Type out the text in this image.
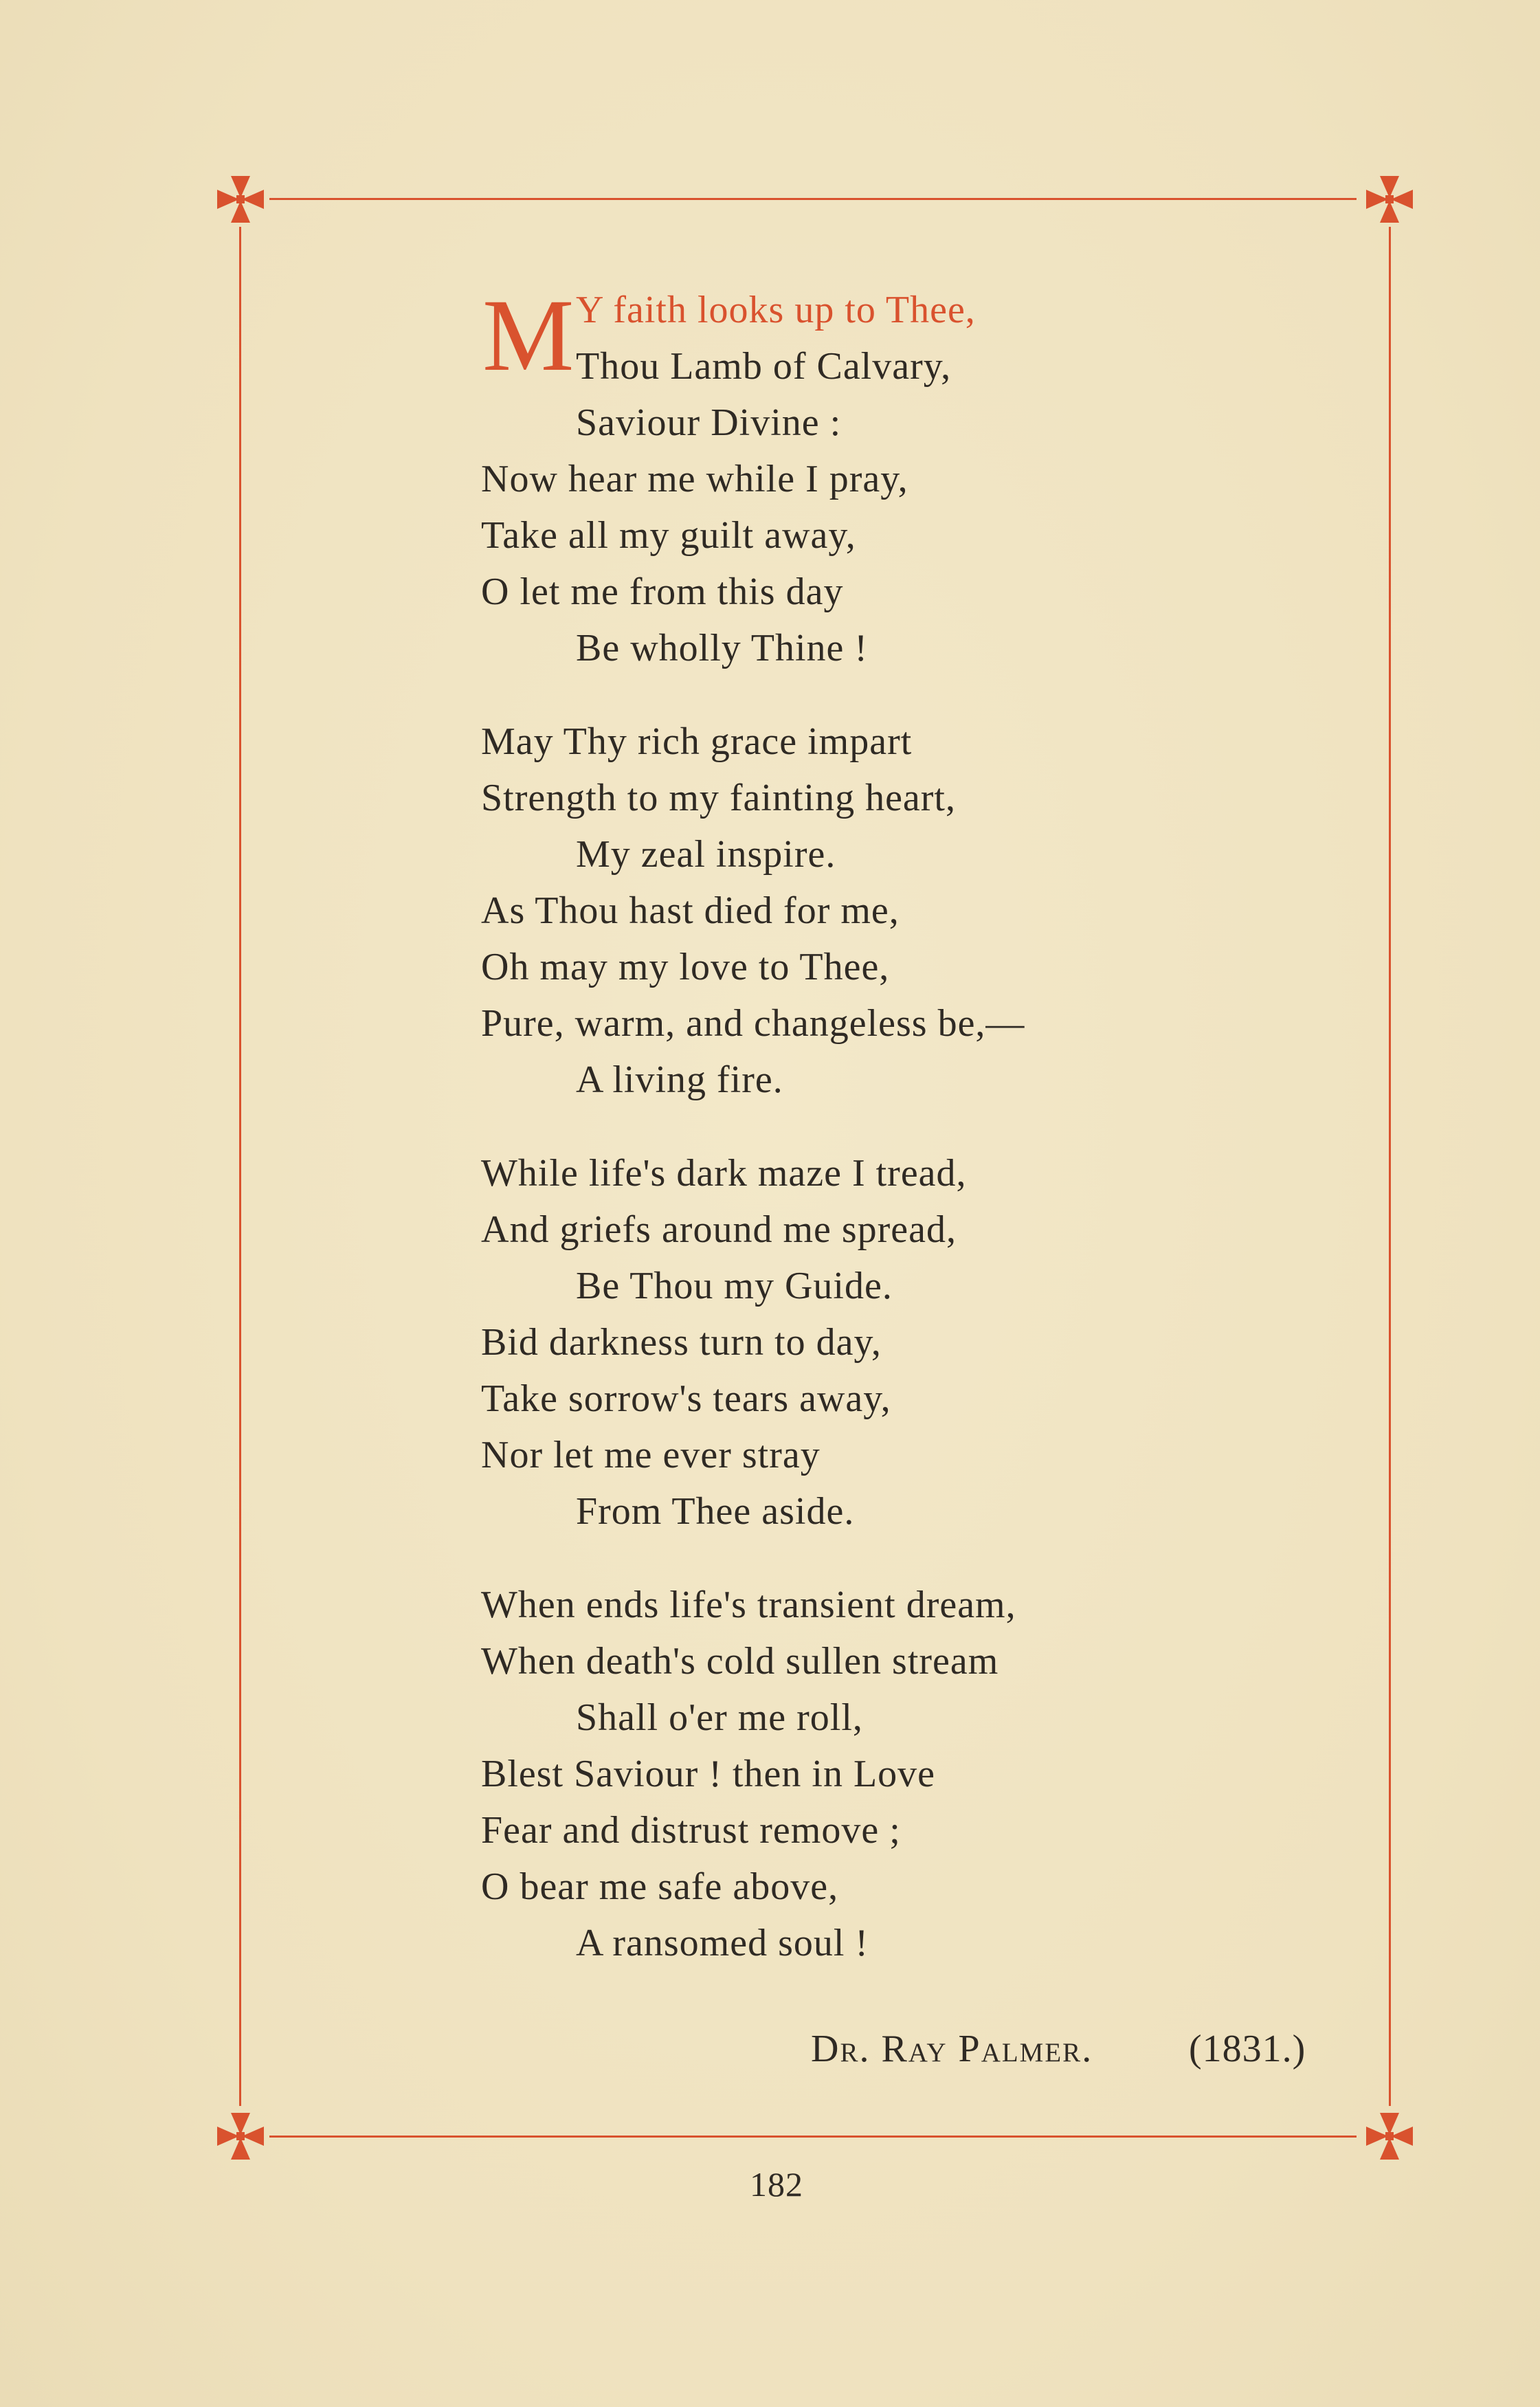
M Y faith looks up to Thee,
Thou Lamb of Calvary,
Saviour Divine :
Now hear me while I pray,
Take all my guilt away,
O let me from this day
Be wholly Thine !
May Thy rich grace impart
Strength to my fainting heart,
My zeal inspire.
As Thou hast died for me,
Oh may my love to Thee,
Pure, warm, and changeless be,—
A living fire.
While life's dark maze I tread,
And griefs around me spread,
Be Thou my Guide.
Bid darkness turn to day,
Take sorrow's tears away,
Nor let me ever stray
From Thee aside.
When ends life's transient dream,
When death's cold sullen stream
Shall o'er me roll,
Blest Saviour ! then in Love
Fear and distrust remove ;
O bear me safe above,
A ransomed soul !
Dr. Ray Palmer. (1831.)
182
